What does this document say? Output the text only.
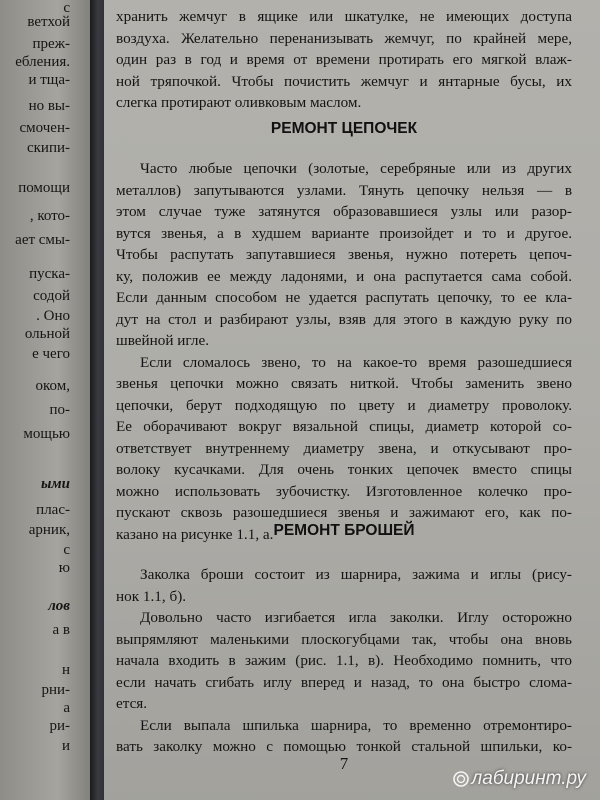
с
ветхой
преж-
ебления.
и тща-
но вы-
смочен-
скипи-
помощи
, кото-
ает смы-
пуска-
содой
. Оно
ольной
е чего
оком,
по-
мощью
ыми
плас-
арник,
с
ю
лов
а в
н
рни-
а
ри-
и
хранить жемчуг в ящике или шкатулке, не имеющих доступа
воздуха. Желательно перенанизывать жемчуг, по крайней мере,
один раз в год и время от времени протирать его мягкой влаж-
ной тряпочкой. Чтобы почистить жемчуг и янтарные бусы, их
слегка протирают оливковым маслом.
РЕМОНТ ЦЕПОЧЕК
Часто любые цепочки (золотые, серебряные или из других
металлов) запутываются узлами. Тянуть цепочку нельзя — в
этом случае туже затянутся образовавшиеся узлы или разор-
вутся звенья, а в худшем варианте произойдет и то и другое.
Чтобы распутать запутавшиеся звенья, нужно потереть цепоч-
ку, положив ее между ладонями, и она распутается сама собой.
Если данным способом не удается распутать цепочку, то ее кла-
дут на стол и разбирают узлы, взяв для этого в каждую руку по
швейной игле.
Если сломалось звено, то на какое-то время разошедшиеся
звенья цепочки можно связать ниткой. Чтобы заменить звено
цепочки, берут подходящую по цвету и диаметру проволоку.
Ее оборачивают вокруг вязальной спицы, диаметр которой со-
ответствует внутреннему диаметру звена, и откусывают про-
волоку кусачками. Для очень тонких цепочек вместо спицы
можно использовать зубочистку. Изготовленное колечко про-
пускают сквозь разошедшиеся звенья и зажимают его, как по-
казано на рисунке 1.1, а. РЕМОНТ БРОШЕЙ
Заколка броши состоит из шарнира, зажима и иглы (рису-
нок 1.1, б).
Довольно часто изгибается игла заколки. Иглу осторожно
выпрямляют маленькими плоскогубцами так, чтобы она вновь
начала входить в зажим (рис. 1.1, в). Необходимо помнить, что
если начать сгибать иглу вперед и назад, то она быстро слома-
ется.
Если выпала шпилька шарнира, то временно отремонтиро-
вать заколку можно с помощью тонкой стальной шпильки, ко-
7
лабиринт.ру
